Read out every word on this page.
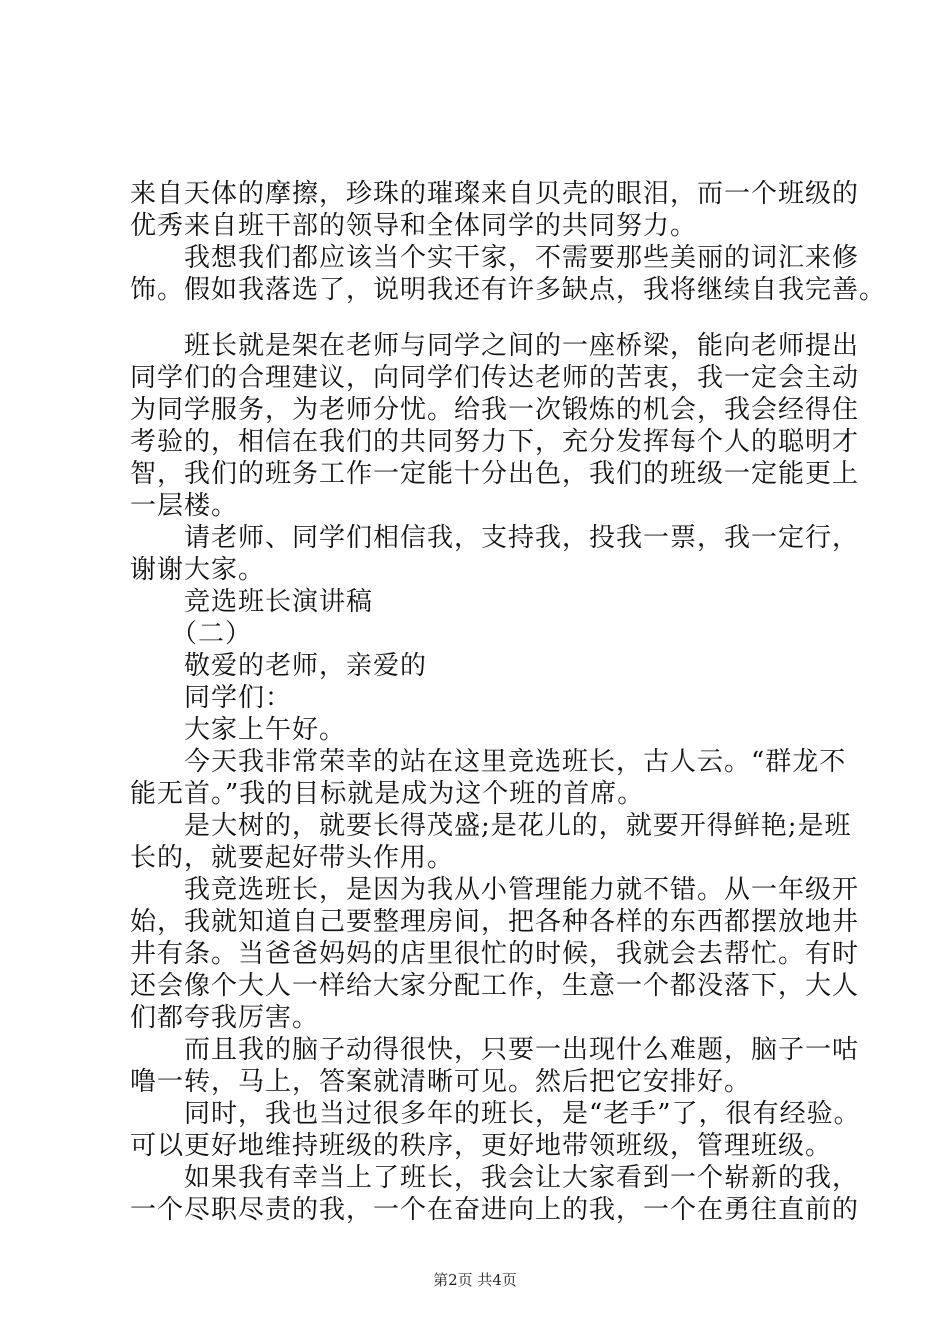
来自天体的摩擦，珍珠的璀璨来自贝壳的眼泪，而一个班级的
优秀来自班干部的领导和全体同学的共同努力。
　　我想我们都应该当个实干家，不需要那些美丽的词汇来修
饰。假如我落选了，说明我还有许多缺点，我将继续自我完善。
　　班长就是架在老师与同学之间的一座桥梁，能向老师提出
同学们的合理建议，向同学们传达老师的苦衷，我一定会主动
为同学服务，为老师分忧。给我一次锻炼的机会，我会经得住
考验的，相信在我们的共同努力下，充分发挥每个人的聪明才
智，我们的班务工作一定能十分出色，我们的班级一定能更上
一层楼。
　　请老师、同学们相信我，支持我，投我一票，我一定行，
谢谢大家。
　　竞选班长演讲稿
　　（二）
　　敬爱的老师，亲爱的
　　同学们：
　　大家上午好。
　　今天我非常荣幸的站在这里竞选班长，古人云。“群龙不
能无首。”我的目标就是成为这个班的首席。
　　是大树的，就要长得茂盛;是花儿的，就要开得鲜艳;是班
长的，就要起好带头作用。
　　我竞选班长，是因为我从小管理能力就不错。从一年级开
始，我就知道自己要整理房间，把各种各样的东西都摆放地井
井有条。当爸爸妈妈的店里很忙的时候，我就会去帮忙。有时
还会像个大人一样给大家分配工作，生意一个都没落下，大人
们都夸我厉害。
　　而且我的脑子动得很快，只要一出现什么难题，脑子一咕
噜一转，马上，答案就清晰可见。然后把它安排好。
　　同时，我也当过很多年的班长，是“老手”了，很有经验。
可以更好地维持班级的秩序，更好地带领班级，管理班级。
　　如果我有幸当上了班长，我会让大家看到一个崭新的我，
一个尽职尽责的我，一个在奋进向上的我，一个在勇往直前的
第2页 共4页
